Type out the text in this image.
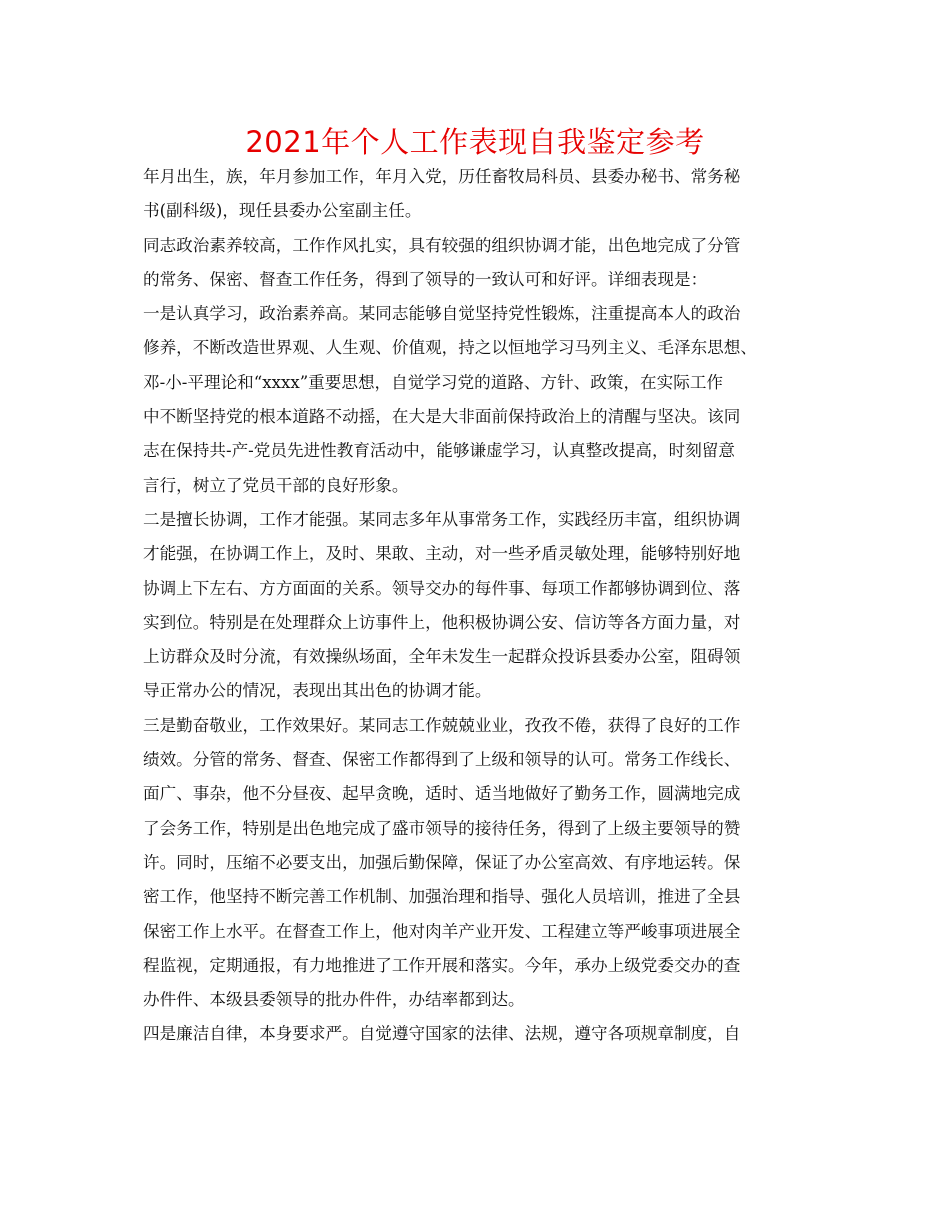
2021年个人工作表现自我鉴定参考
年月出生，族，年月参加工作，年月入党，历任畜牧局科员、县委办秘书、常务秘
书(副科级)，现任县委办公室副主任。
同志政治素养较高，工作作风扎实，具有较强的组织协调才能，出色地完成了分管
的常务、保密、督查工作任务，得到了领导的一致认可和好评。详细表现是：
一是认真学习，政治素养高。某同志能够自觉坚持党性锻炼，注重提高本人的政治
修养，不断改造世界观、人生观、价值观，持之以恒地学习马列主义、毛泽东思想、
邓-小-平理论和“xxxx”重要思想，自觉学习党的道路、方针、政策，在实际工作
中不断坚持党的根本道路不动摇，在大是大非面前保持政治上的清醒与坚决。该同
志在保持共-产-党员先进性教育活动中，能够谦虚学习，认真整改提高，时刻留意
言行，树立了党员干部的良好形象。
二是擅长协调，工作才能强。某同志多年从事常务工作，实践经历丰富，组织协调
才能强，在协调工作上，及时、果敢、主动，对一些矛盾灵敏处理，能够特别好地
协调上下左右、方方面面的关系。领导交办的每件事、每项工作都够协调到位、落
实到位。特别是在处理群众上访事件上，他积极协调公安、信访等各方面力量，对
上访群众及时分流，有效操纵场面，全年未发生一起群众投诉县委办公室，阻碍领
导正常办公的情况，表现出其出色的协调才能。
三是勤奋敬业，工作效果好。某同志工作兢兢业业，孜孜不倦，获得了良好的工作
绩效。分管的常务、督查、保密工作都得到了上级和领导的认可。常务工作线长、
面广、事杂，他不分昼夜、起早贪晚，适时、适当地做好了勤务工作，圆满地完成
了会务工作，特别是出色地完成了盛市领导的接待任务，得到了上级主要领导的赞
许。同时，压缩不必要支出，加强后勤保障，保证了办公室高效、有序地运转。保
密工作，他坚持不断完善工作机制、加强治理和指导、强化人员培训，推进了全县
保密工作上水平。在督查工作上，他对肉羊产业开发、工程建立等严峻事项进展全
程监视，定期通报，有力地推进了工作开展和落实。今年，承办上级党委交办的查
办件件、本级县委领导的批办件件，办结率都到达。
四是廉洁自律，本身要求严。自觉遵守国家的法律、法规，遵守各项规章制度，自
